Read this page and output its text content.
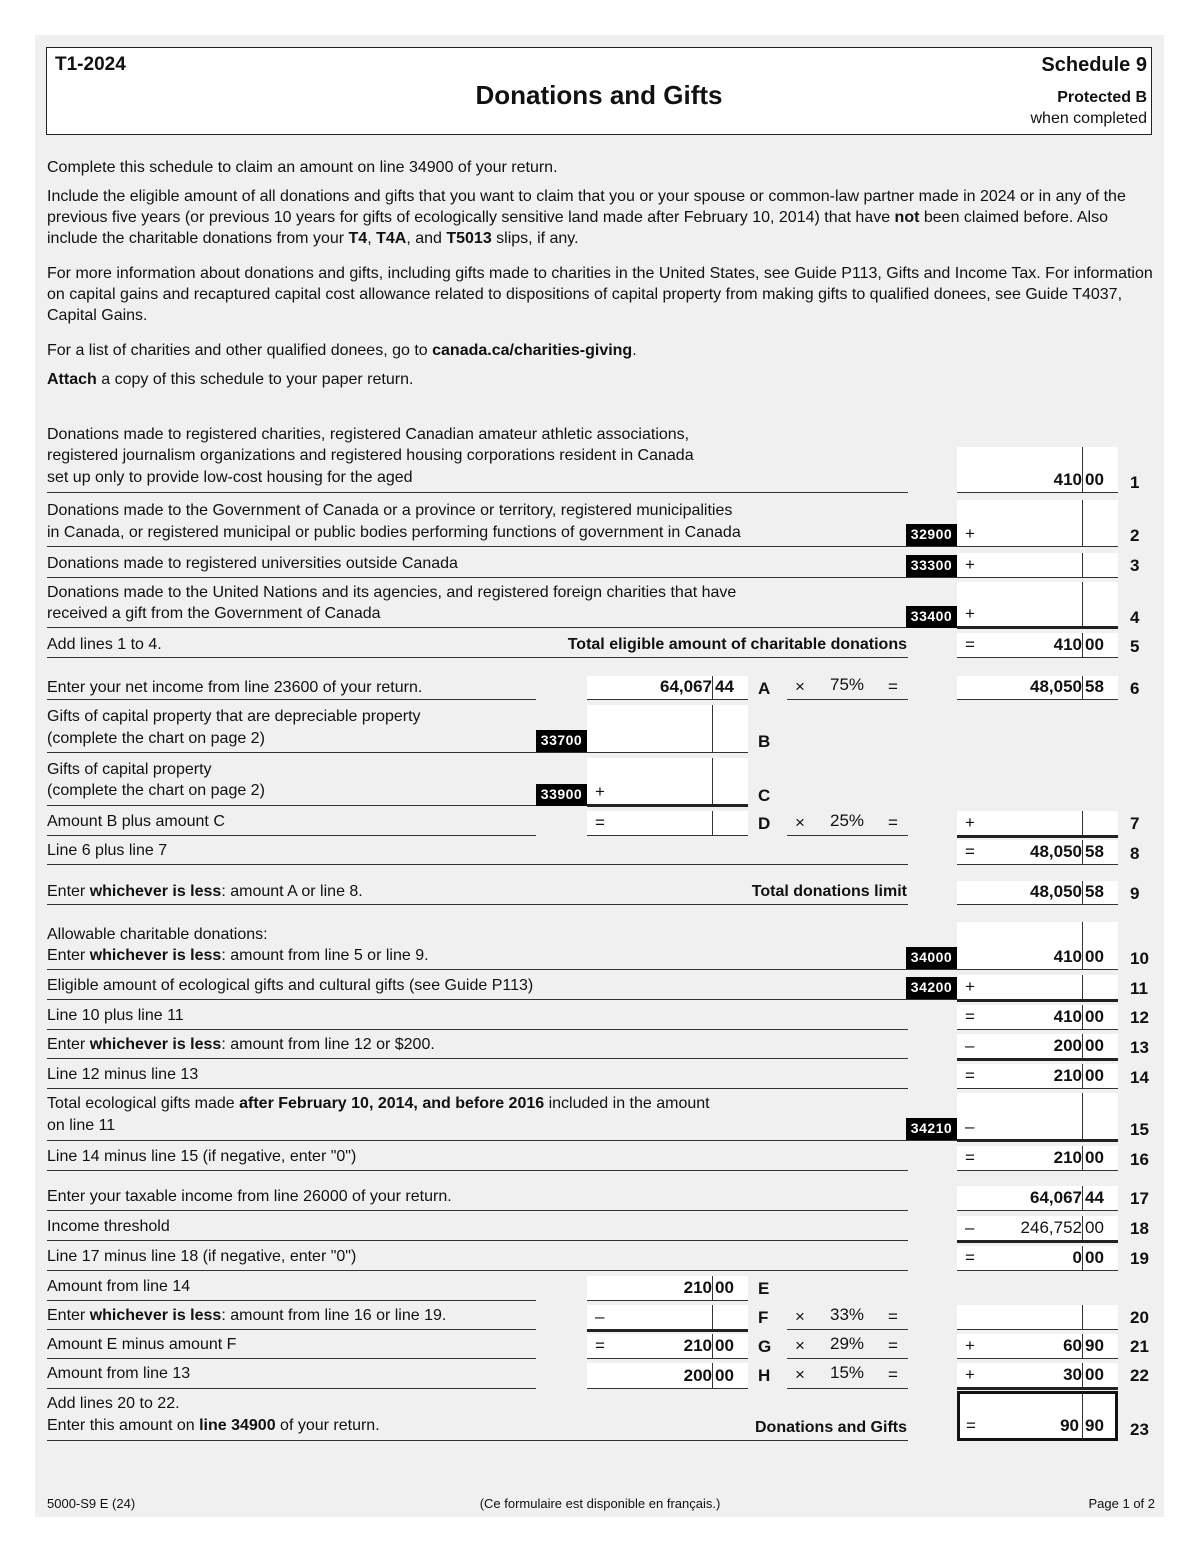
T1-2024
Donations and Gifts
Schedule 9
Protected B
when completed
Complete this schedule to claim an amount on line 34900 of your return.
Include the eligible amount of all donations and gifts that you want to claim that you or your spouse or common-law partner made in 2024 or in any of the previous five years (or previous 10 years for gifts of ecologically sensitive land made after February 10, 2014) that have not been claimed before. Also include the charitable donations from your T4, T4A, and T5013 slips, if any.
For more information about donations and gifts, including gifts made to charities in the United States, see Guide P113, Gifts and Income Tax. For information on capital gains and recaptured capital cost allowance related to dispositions of capital property from making gifts to qualified donees, see Guide T4037, Capital Gains.
For a list of charities and other qualified donees, go to canada.ca/charities-giving.
Attach a copy of this schedule to your paper return.
Donations made to registered charities, registered Canadian amateur athletic associations,
registered journalism organizations and registered housing corporations resident in Canada
set up only to provide low-cost housing for the aged	410 00 1
Donations made to the Government of Canada or a province or territory, registered municipalities
in Canada, or registered municipal or public bodies performing functions of government in Canada	32900 +	2
Donations made to registered universities outside Canada	33300 +	3
Donations made to the United Nations and its agencies, and registered foreign charities that have
received a gift from the Government of Canada	33400 +	4
Add lines 1 to 4.	Total eligible amount of charitable donations	=	410 00 5
Enter your net income from line 23600 of your return.	64,067 44 A × 75% =	48,050 58 6
Gifts of capital property that are depreciable property
(complete the chart on page 2)	33700	B
Gifts of capital property
(complete the chart on page 2)	33900 +	C
Amount B plus amount C	=	D × 25% =	+	7
Line 6 plus line 7	=	48,050 58 8
Enter whichever is less: amount A or line 8.	Total donations limit	48,050 58 9
Allowable charitable donations:
Enter whichever is less: amount from line 5 or line 9.	34000	410 00 10
Eligible amount of ecological gifts and cultural gifts (see Guide P113)	34200 +	11
Line 10 plus line 11	=	410 00 12
Enter whichever is less: amount from line 12 or $200.	–	200 00 13
Line 12 minus line 13	=	210 00 14
Total ecological gifts made after February 10, 2014, and before 2016 included in the amount
on line 11	34210 –	15
Line 14 minus line 15 (if negative, enter "0")	=	210 00 16
Enter your taxable income from line 26000 of your return.	64,067 44 17
Income threshold	–	246,752 00 18
Line 17 minus line 18 (if negative, enter "0")	=	0 00 19
Amount from line 14	210 00 E
Enter whichever is less: amount from line 16 or line 19.	–	F × 33% =	20
Amount E minus amount F	=	210 00 G × 29% =	+	60 90 21
Amount from line 13	200 00 H × 15% =	+	30 00 22
Add lines 20 to 22.
Enter this amount on line 34900 of your return.	Donations and Gifts	=	90 90 23
5000-S9 E (24)	(Ce formulaire est disponible en français.)	Page 1 of 2
